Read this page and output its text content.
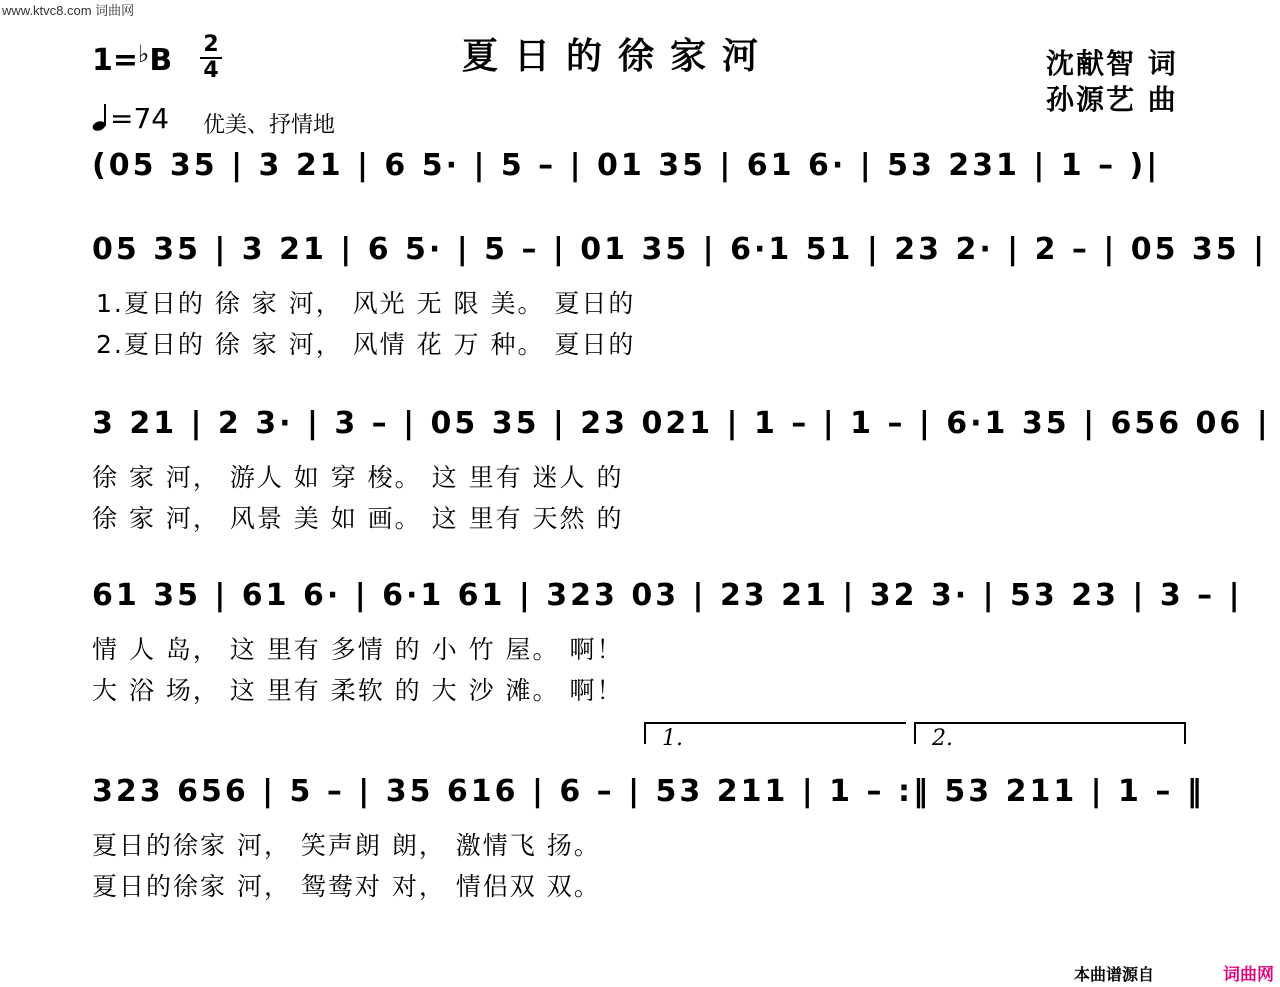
www.ktvc8.com 词曲网
1=♭B	2
4	夏日的徐家河	沈献智 词
孙源艺 曲
=74 优美、抒情地
(05 35 | 3 21 | 6 5· | 5 – | 01 35 | 61 6· | 53 231 | 1 – )|
05 35 | 3 21 | 6 5· | 5 – | 01 35 | 6·1 51 | 23 2· | 2 – | 05 35 |
1.夏日的 徐 家 河， 风光 无 限 美。 夏日的
2.夏日的 徐 家 河， 风情 花 万 种。 夏日的
3 21 | 2 3· | 3 – | 05 35 | 23 021 | 1 – | 1 – | 6·1 35 | 656 06 |
徐 家 河， 游人 如 穿 梭。 这 里有 迷人 的
徐 家 河， 风景 美 如 画。 这 里有 天然 的
61 35 | 61 6· | 6·1 61 | 323 03 | 23 21 | 32 3· | 53 23 | 3 – |
情 人 岛， 这 里有 多情 的 小 竹 屋。 啊！
大 浴 场， 这 里有 柔软 的 大 沙 滩。 啊！
1.	2.
323 656 | 5 – | 35 616 | 6 – | 53 211 | 1 – :‖ 53 211 | 1 – ‖
夏日的徐家 河， 笑声朗 朗， 激情飞 扬。
夏日的徐家 河， 鸳鸯对 对， 情侣双 双。
本曲谱源自	词曲网
